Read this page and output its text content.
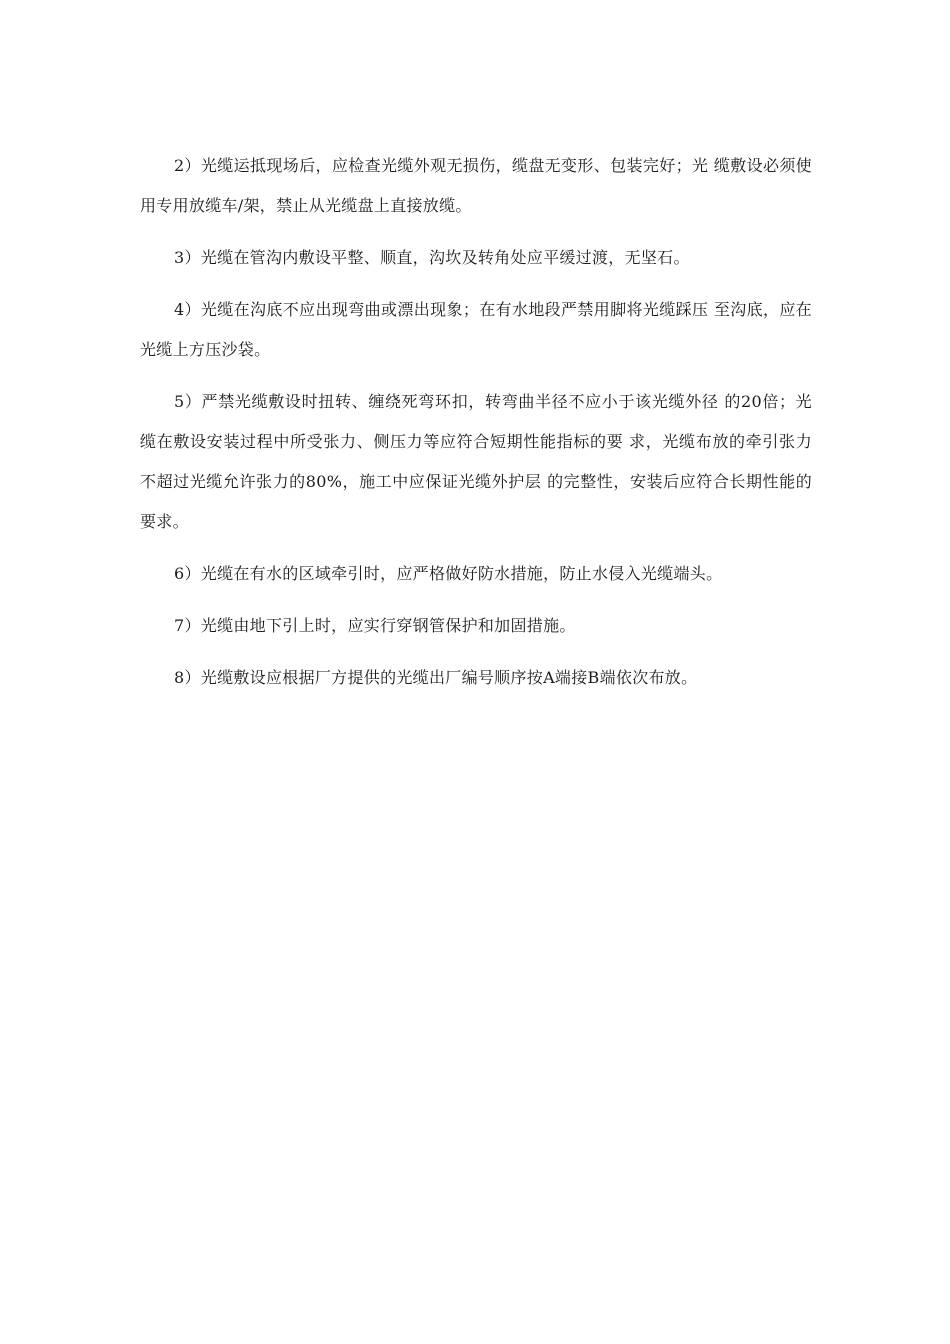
2）光缆运抵现场后，应检查光缆外观无损伤，缆盘无变形、包装完好；光 缆敷设必须使用专用放缆车/架，禁止从光缆盘上直接放缆。

3）光缆在管沟内敷设平整、顺直，沟坎及转角处应平缓过渡，无坚石。

4）光缆在沟底不应出现弯曲或漂出现象；在有水地段严禁用脚将光缆踩压 至沟底，应在光缆上方压沙袋。

5）严禁光缆敷设时扭转、缠绕死弯环扣，转弯曲半径不应小于该光缆外径 的20倍；光缆在敷设安装过程中所受张力、侧压力等应符合短期性能指标的要 求，光缆布放的牵引张力不超过光缆允许张力的80%，施工中应保证光缆外护层 的完整性，安装后应符合长期性能的要求。

6）光缆在有水的区域牵引时，应严格做好防水措施，防止水侵入光缆端头。

7）光缆由地下引上时，应实行穿钢管保护和加固措施。

8）光缆敷设应根据厂方提供的光缆出厂编号顺序按A端接B端依次布放。
